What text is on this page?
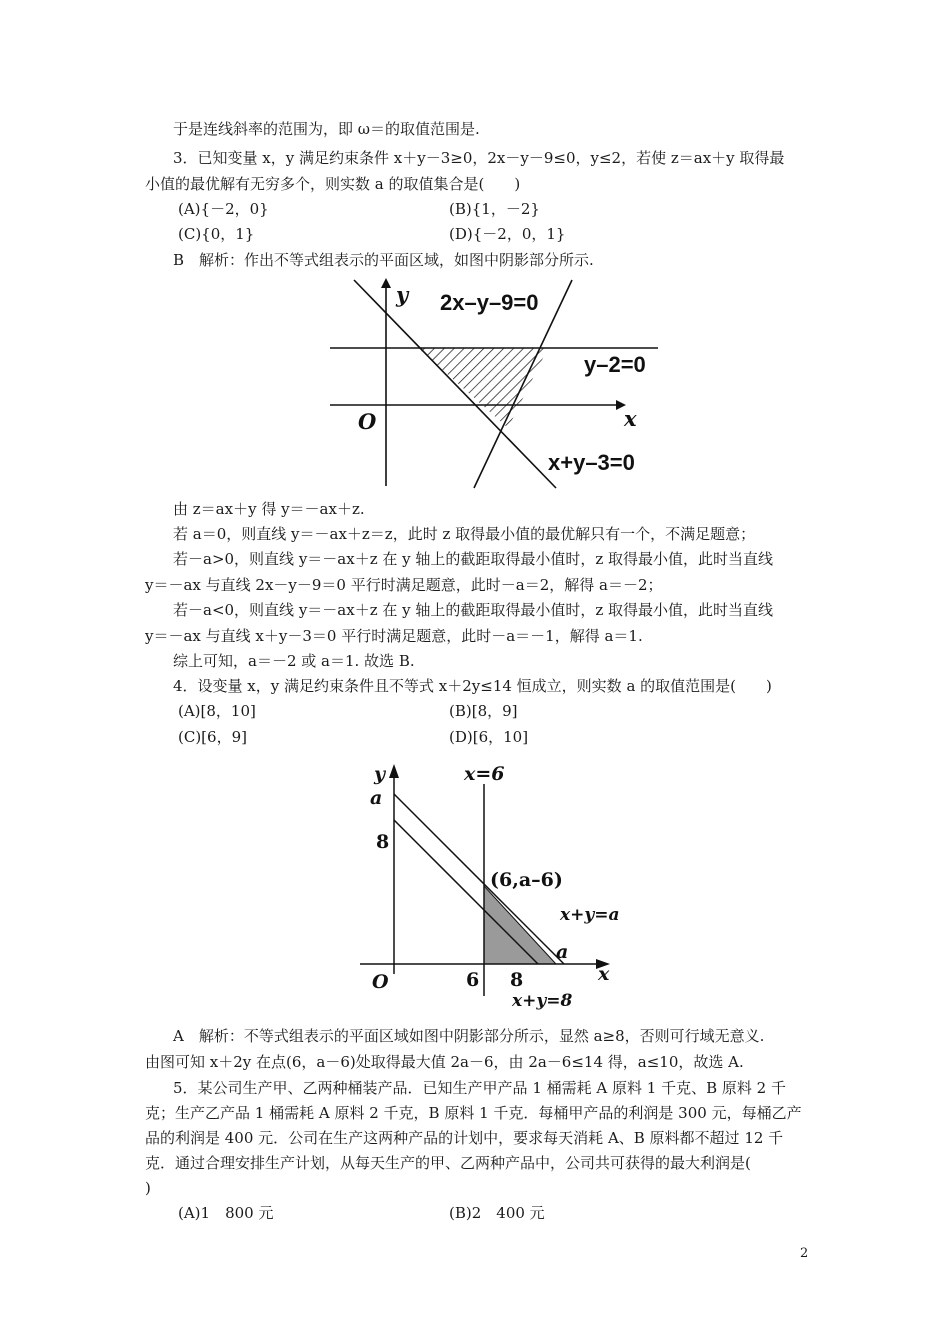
于是连线斜率的范围为，即 ω＝的取值范围是.
3．已知变量 x，y 满足约束条件 x＋y－3≥0，2x－y－9≤0，y≤2，若使 z＝ax＋y 取得最
小值的最优解有无穷多个，则实数 a 的取值集合是(　　)
(A){－2，0}	(B){1，－2}
(C){0，1}	(D){－2，0，1}
B　解析：作出不等式组表示的平面区域，如图中阴影部分所示.
y
x
O
2x–y–9=0
y–2=0
x+y–3=0
由 z＝ax＋y 得 y＝－ax＋z.
若 a＝0，则直线 y＝－ax＋z＝z，此时 z 取得最小值的最优解只有一个，不满足题意；
若－a>0，则直线 y＝－ax＋z 在 y 轴上的截距取得最小值时，z 取得最小值，此时当直线
y＝－ax 与直线 2x－y－9＝0 平行时满足题意，此时－a＝2，解得 a＝－2；
若－a<0，则直线 y＝－ax＋z 在 y 轴上的截距取得最小值时，z 取得最小值，此时当直线
y＝－ax 与直线 x＋y－3＝0 平行时满足题意，此时－a＝－1，解得 a＝1.
综上可知，a＝－2 或 a＝1. 故选 B.
4．设变量 x，y 满足约束条件且不等式 x＋2y≤14 恒成立，则实数 a 的取值范围是(　　)
(A)[8，10]	(B)[8，9]
(C)[6，9]	(D)[6，10]
y
a
8
O	6 8
a
x
x=6
(6,a–6)
x+y=a
x+y=8
A　解析：不等式组表示的平面区域如图中阴影部分所示，显然 a≥8，否则可行域无意义.
由图可知 x＋2y 在点(6，a－6)处取得最大值 2a－6，由 2a－6≤14 得，a≤10，故选 A.
5．某公司生产甲、乙两种桶装产品．已知生产甲产品 1 桶需耗 A 原料 1 千克、B 原料 2 千
克；生产乙产品 1 桶需耗 A 原料 2 千克，B 原料 1 千克．每桶甲产品的利润是 300 元，每桶乙产
品的利润是 400 元．公司在生产这两种产品的计划中，要求每天消耗 A、B 原料都不超过 12 千
克．通过合理安排生产计划，从每天生产的甲、乙两种产品中，公司共可获得的最大利润是(
)
(A)1　800 元	(B)2　400 元
2
